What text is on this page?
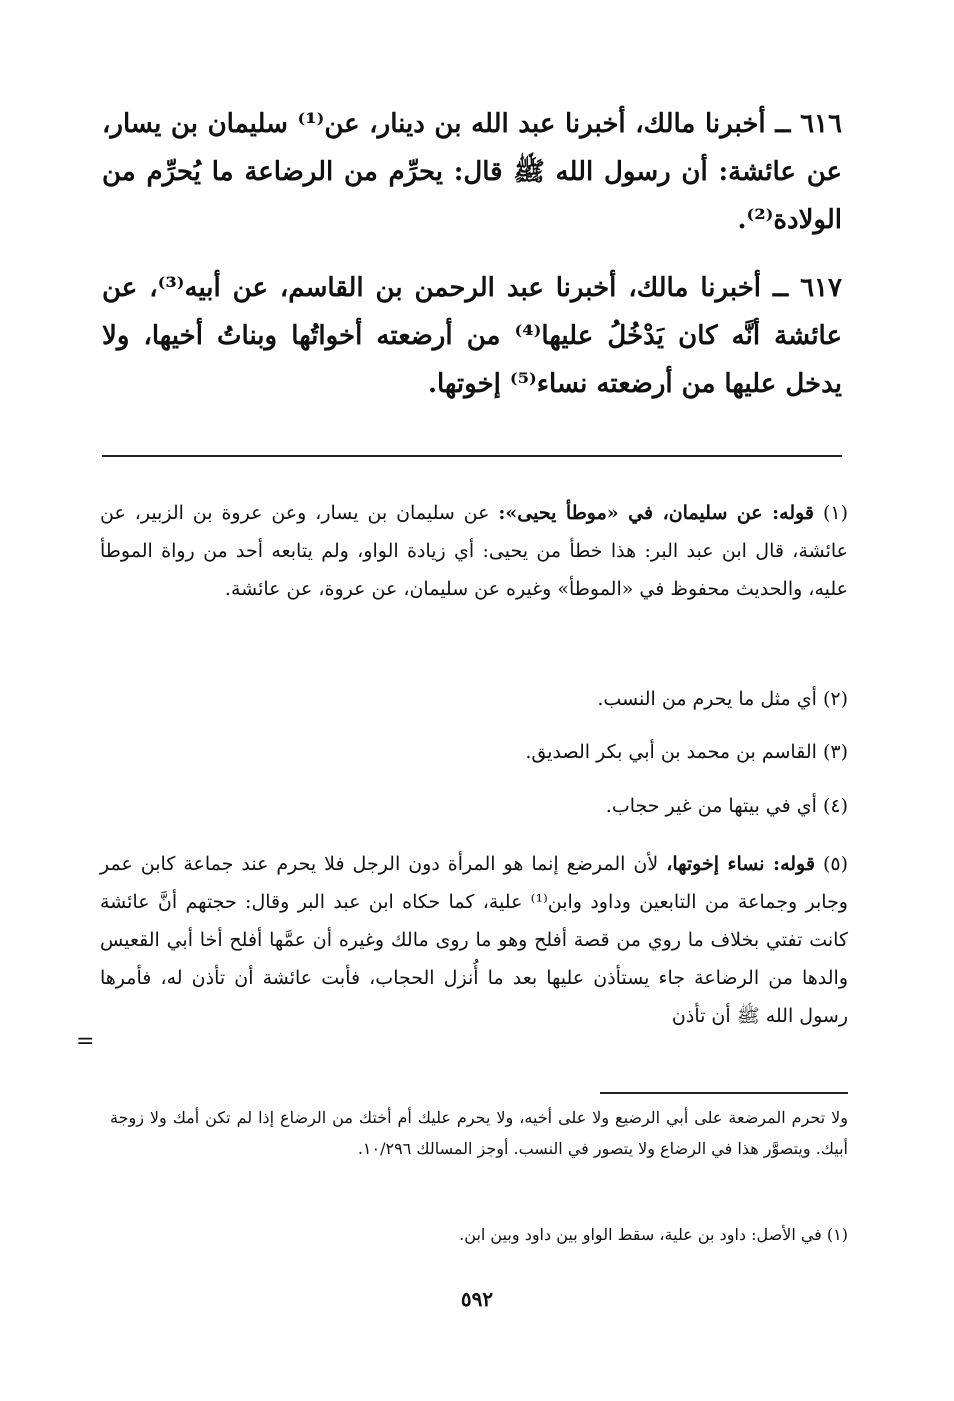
٦١٦ ــ أخبرنا مالك، أخبرنا عبد الله بن دينار، عن⁽¹⁾ سليمان بن يسار، عن عائشة: أن رسول الله ﷺ قال: يحرِّم من الرضاعة ما يُحرِّم من الولادة⁽²⁾.

٦١٧ ــ أخبرنا مالك، أخبرنا عبد الرحمن بن القاسم، عن أبيه⁽³⁾، عن عائشة أنَّه كان يَدْخُلُ عليها⁽⁴⁾ من أرضعته أخواتُها وبناتُ أخيها، ولا يدخل عليها من أرضعته نساء⁽⁵⁾ إخوتها.

(١) قوله: عن سليمان، في «موطأ يحيى»: عن سليمان بن يسار، وعن عروة بن الزبير، عن عائشة، قال ابن عبد البر: هذا خطأ من يحيى: أي زيادة الواو، ولم يتابعه أحد من رواة الموطأ عليه، والحديث محفوظ في «الموطأ» وغيره عن سليمان، عن عروة، عن عائشة.

(٢) أي مثل ما يحرم من النسب.

(٣) القاسم بن محمد بن أبي بكر الصديق.

(٤) أي في بيتها من غير حجاب.

(٥) قوله: نساء إخوتها، لأن المرضع إنما هو المرأة دون الرجل فلا يحرم عند جماعة كابن عمر وجابر وجماعة من التابعين وداود وابن⁽¹⁾ علية، كما حكاه ابن عبد البر وقال: حجتهم أنَّ عائشة كانت تفتي بخلاف ما روي من قصة أفلح وهو ما روى مالك وغيره أن عمَّها أفلح أخا أبي القعيس والدها من الرضاعة جاء يستأذن عليها بعد ما أُنزل الحجاب، فأبت عائشة أن تأذن له، فأمرها رسول الله ﷺ أن تأذن

=

ولا تحرم المرضعة على أبي الرضيع ولا على أخيه، ولا يحرم عليك أم أختك من الرضاع إذا لم تكن أمك ولا زوجة أبيك. ويتصوَّر هذا في الرضاع ولا يتصور في النسب. أوجز المسالك ١٠/٢٩٦.

(١) في الأصل: داود بن علية، سقط الواو بين داود وبين ابن.

٥٩٢
